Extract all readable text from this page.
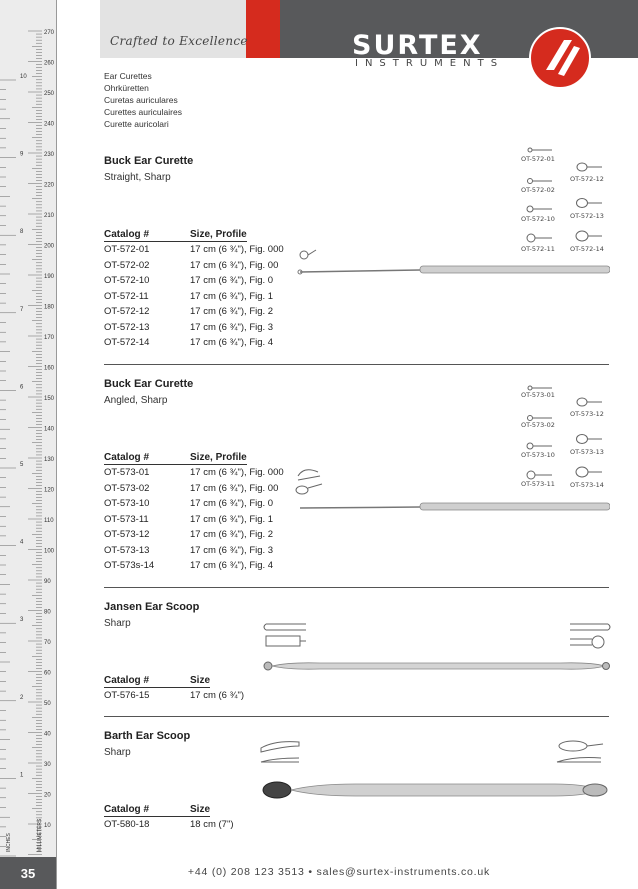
270
260
250
240
230
220
210
200
190
180
170
160
150
140
130
120
110
100
90
80
70
60
50
40
30
20
10
10
9
8
7
6
5
4
3
2
1
MILLIMETERS
INCHES
35
Crafted to Excellence	SURTEX
INSTRUMENTS
Ear Curettes
Ohrküretten
Curetas auriculares
Curettes auriculaires
Curette auricolari
Buck Ear Curette
Straight, Sharp
Catalog #	Size, Profile
OT-572-01	17 cm (6 ¾"), Fig. 000
OT-572-02	17 cm (6 ¾"), Fig. 00
OT-572-10	17 cm (6 ¾"), Fig. 0
OT-572-11	17 cm (6 ¾"), Fig. 1
OT-572-12	17 cm (6 ¾"), Fig. 2
OT-572-13	17 cm (6 ¾"), Fig. 3
OT-572-14	17 cm (6 ¾"), Fig. 4
OT-572-01
OT-572-02
OT-572-10
OT-572-11
OT-572-12
OT-572-13
OT-572-14
Buck Ear Curette
Angled, Sharp
Catalog #	Size, Profile
OT-573-01	17 cm (6 ¾"), Fig. 000
OT-573-02	17 cm (6 ¾"), Fig. 00
OT-573-10	17 cm (6 ¾"), Fig. 0
OT-573-11	17 cm (6 ¾"), Fig. 1
OT-573-12	17 cm (6 ¾"), Fig. 2
OT-573-13	17 cm (6 ¾"), Fig. 3
OT-573s-14	17 cm (6 ¾"), Fig. 4
OT-573-01
OT-573-02
OT-573-10
OT-573-11
OT-573-12
OT-573-13
OT-573-14
Jansen Ear Scoop
Sharp
Catalog #	Size
OT-576-15	17 cm (6 ¾")
Barth Ear Scoop
Sharp
Catalog #	Size
OT-580-18	18 cm (7")
+44 (0) 208 123 3513 • sales@surtex-instruments.co.uk
